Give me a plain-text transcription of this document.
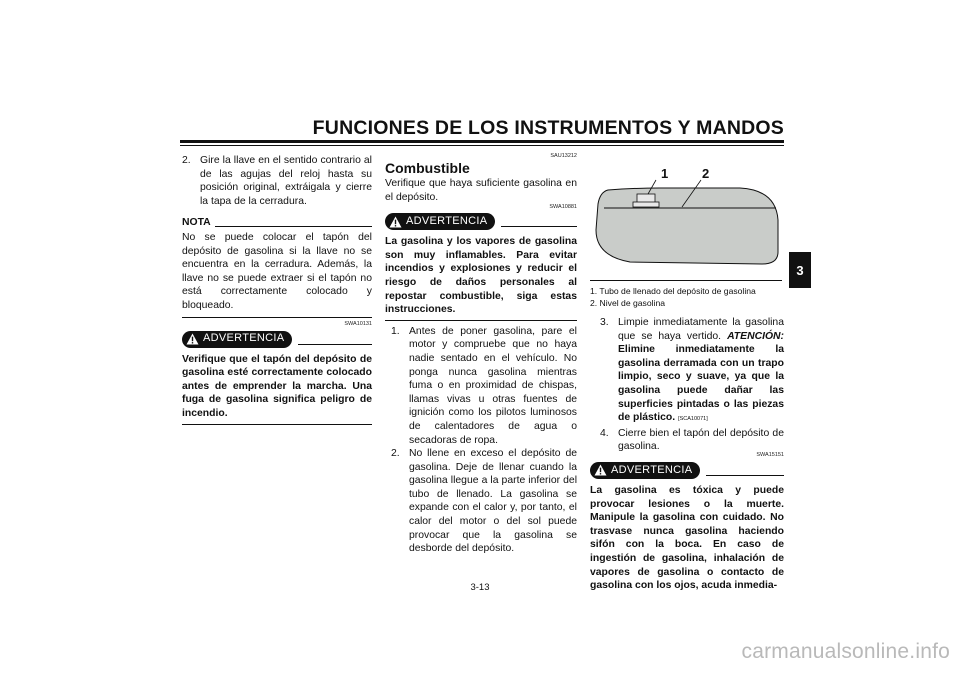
FUNCIONES DE LOS INSTRUMENTOS Y MANDOS
3
2. Gire la llave en el sentido contrario al de las agujas del reloj hasta su posición original, extráigala y cierre la tapa de la cerradura.
NOTA
No se puede colocar el tapón del depósito de gasolina si la llave no se encuentra en la cerradura. Además, la llave no se puede extraer si el tapón no está correctamente colocado y bloqueado.
SWA10131
ADVERTENCIA
Verifique que el tapón del depósito de gasolina esté correctamente colocado antes de emprender la marcha. Una fuga de gasolina significa peligro de incendio.
SAU13212
Combustible
Verifique que haya suficiente gasolina en el depósito.
SWA10881
ADVERTENCIA
La gasolina y los vapores de gasolina son muy inflamables. Para evitar incendios y explosiones y reducir el riesgo de daños personales al repostar combustible, siga estas instrucciones.
1. Antes de poner gasolina, pare el motor y compruebe que no haya nadie sentado en el vehículo. No ponga nunca gasolina mientras fuma o en proximidad de chispas, llamas vivas u otras fuentes de ignición como los pilotos luminosos de calentadores de agua o secadoras de ropa.
2. No llene en exceso el depósito de gasolina. Deje de llenar cuando la gasolina llegue a la parte inferior del tubo de llenado. La gasolina se expande con el calor y, por tanto, el calor del motor o del sol puede provocar que la gasolina se desborde del depósito.
1	2
1. Tubo de llenado del depósito de gasolina
2. Nivel de gasolina
3. Limpie inmediatamente la gasolina que se haya vertido. ATENCIÓN: Elimine inmediatamente la gasolina derramada con un trapo limpio, seco y suave, ya que la gasolina puede dañar las superficies pintadas o las piezas de plástico. [SCA10071]
4. Cierre bien el tapón del depósito de gasolina.
SWA15151
ADVERTENCIA
La gasolina es tóxica y puede provocar lesiones o la muerte. Manipule la gasolina con cuidado. No trasvase nunca gasolina haciendo sifón con la boca. En caso de ingestión de gasolina, inhalación de vapores de gasolina o contacto de gasolina con los ojos, acuda inmedia-
3-13
carmanualsonline.info
